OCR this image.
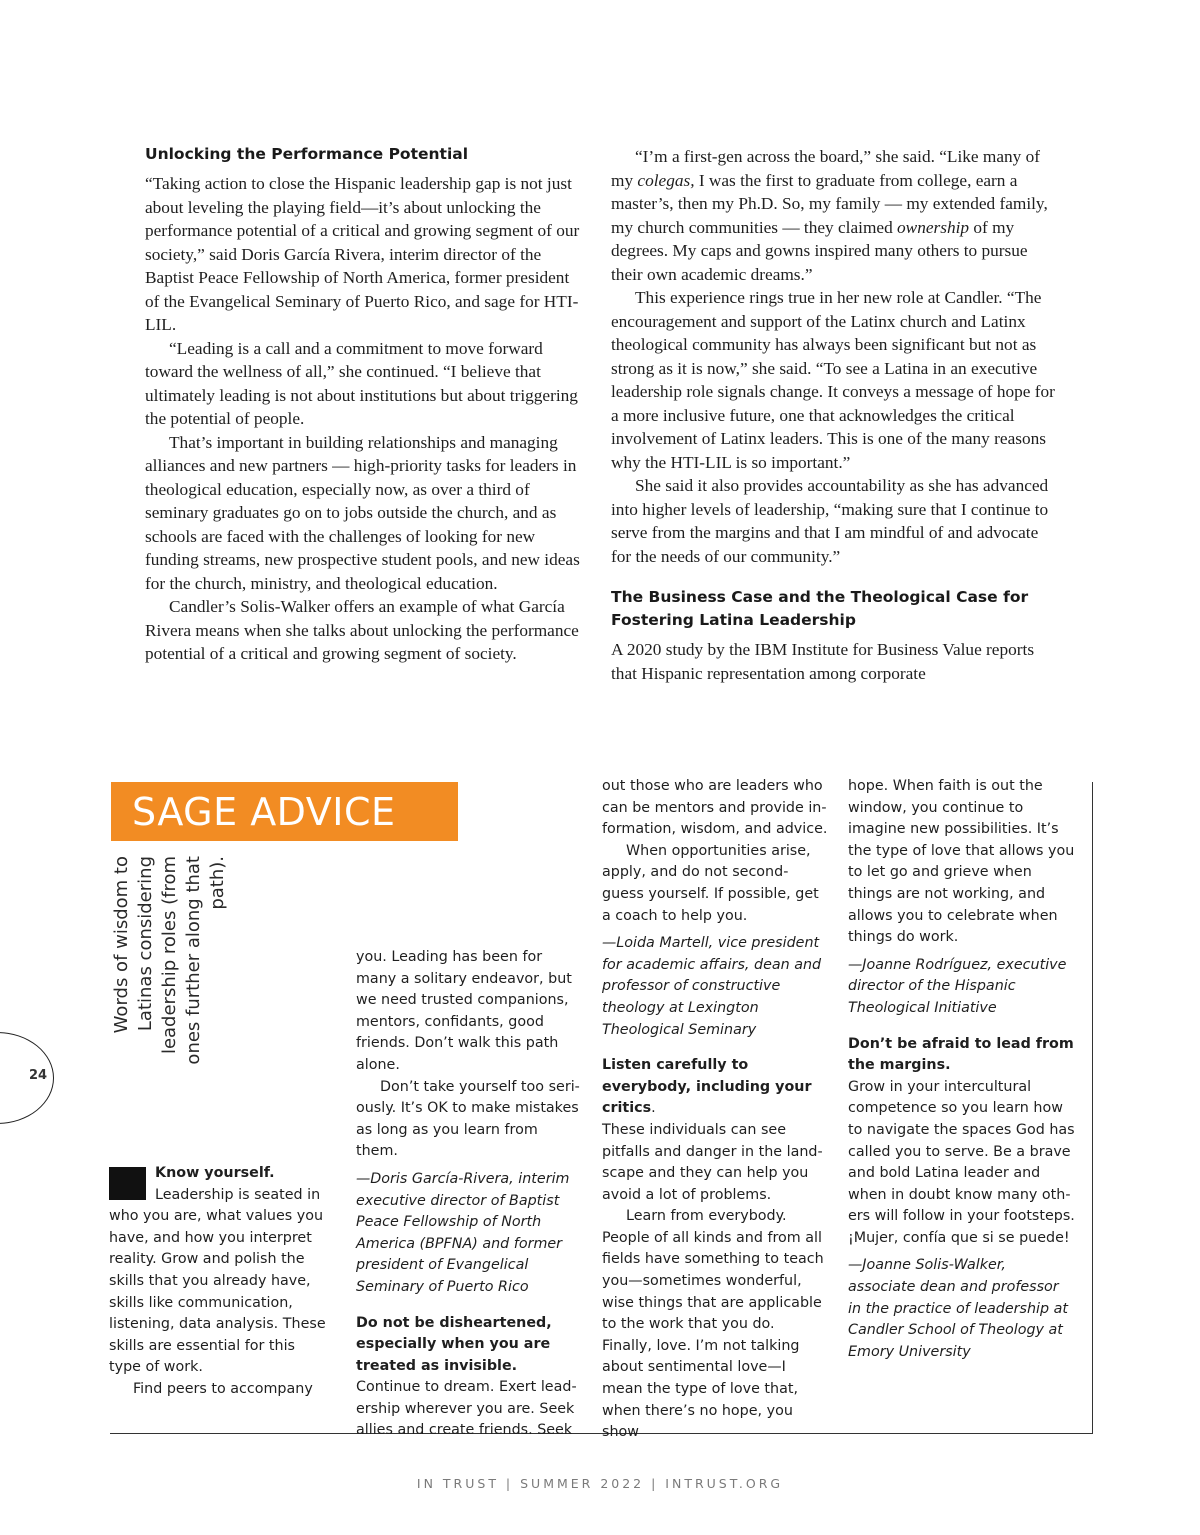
Unlocking the Performance Potential

“Taking action to close the Hispanic leadership gap is not just about leveling the playing field—it’s about unlocking the performance potential of a critical and growing segment of our society,” said Doris García Rivera, interim director of the Baptist Peace Fellowship of North America, former president of the Evangelical Seminary of Puerto Rico, and sage for HTI-LIL.

“Leading is a call and a commitment to move forward toward the wellness of all,” she continued. “I believe that ultimately leading is not about institutions but about triggering the potential of people.

That’s important in building relationships and managing alliances and new partners — high-priority tasks for leaders in theological education, especially now, as over a third of seminary graduates go on to jobs outside the church, and as schools are faced with the challenges of looking for new funding streams, new prospective student pools, and new ideas for the church, ministry, and theological education.

Candler’s Solis-Walker offers an example of what García Rivera means when she talks about unlocking the performance potential of a critical and growing segment of society.

“I’m a first-gen across the board,” she said. “Like many of my colegas, I was the first to graduate from college, earn a master’s, then my Ph.D. So, my family — my extended family, my church communities — they claimed ownership of my degrees. My caps and gowns inspired many others to pursue their own academic dreams.”

This experience rings true in her new role at Candler. “The encouragement and support of the Latinx church and Latinx theological community has always been significant but not as strong as it is now,” she said. “To see a Latina in an executive leadership role signals change. It conveys a message of hope for a more inclusive future, one that acknowledges the critical involvement of Latinx leaders. This is one of the many reasons why the HTI-LIL is so important.”

She said it also provides accountability as she has advanced into higher levels of leadership, “making sure that I continue to serve from the margins and that I am mindful of and advocate for the needs of our community.”

The Business Case and the Theological Case for Fostering Latina Leadership

A 2020 study by the IBM Institute for Business Value reports that Hispanic representation among corporate

SAGE ADVICE
Words of wisdom to Latinas considering leadership roles (from ones further along that path).
24

Know yourself.

Leadership is seated in who you are, what values you have, and how you interpret reality. Grow and polish the skills that you already have, skills like communication, listening, data analysis. These skills are essential for this type of work.

Find peers to accompany

you. Leading has been for many a solitary endeavor, but we need trusted companions, mentors, confidants, good friends. Don’t walk this path alone.

Don’t take yourself too seriously. It’s OK to make mistakes as long as you learn from them.

—Doris García-Rivera, interim executive director of Baptist Peace Fellowship of North America (BPFNA) and former president of Evangelical Seminary of Puerto Rico

Do not be disheartened, especially when you are treated as invisible.

Continue to dream. Exert leadership wherever you are. Seek allies and create friends. Seek

out those who are leaders who can be mentors and provide information, wisdom, and advice.

When opportunities arise, apply, and do not second-guess yourself. If possible, get a coach to help you.

—Loida Martell, vice president for academic affairs, dean and professor of constructive theology at Lexington Theological Seminary

Listen carefully to everybody, including your critics.

These individuals can see pitfalls and danger in the landscape and they can help you avoid a lot of problems.

Learn from everybody. People of all kinds and from all fields have something to teach you—sometimes wonderful, wise things that are applicable to the work that you do. Finally, love. I’m not talking about sentimental love—I mean the type of love that, when there’s no hope, you show

hope. When faith is out the window, you continue to imagine new possibilities. It’s the type of love that allows you to let go and grieve when things are not working, and allows you to celebrate when things do work.

—Joanne Rodríguez, executive director of the Hispanic Theological Initiative

Don’t be afraid to lead from the margins.

Grow in your intercultural competence so you learn how to navigate the spaces God has called you to serve. Be a brave and bold Latina leader and when in doubt know many others will follow in your footsteps. ¡Mujer, confía que si se puede!

—Joanne Solis-Walker, associate dean and professor in the practice of leadership at Candler School of Theology at Emory University

IN TRUST | SUMMER 2022 | INTRUST.ORG
